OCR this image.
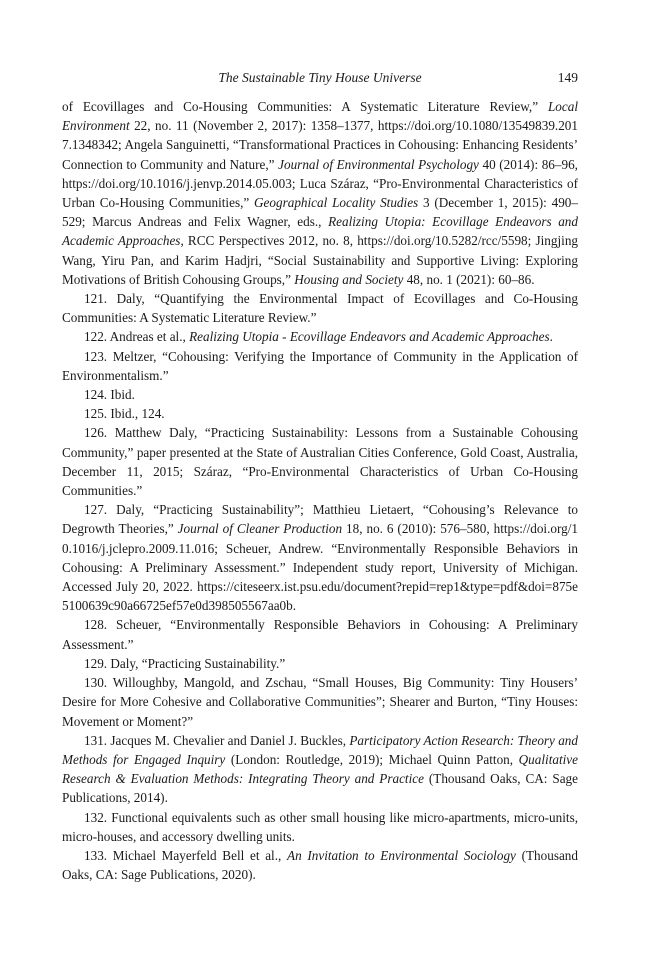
The Sustainable Tiny House Universe	149

of Ecovillages and Co-Housing Communities: A Systematic Literature Review,” Local Environment 22, no. 11 (November 2, 2017): 1358–1377, https://doi.org/10.1080/13549839.2017.1348342; Angela Sanguinetti, “Transformational Practices in Cohousing: Enhancing Residents’ Connection to Community and Nature,” Journal of Environmental Psychology 40 (2014): 86–96, https://doi.org/10.1016/j.jenvp.2014.05.003; Luca Száraz, “Pro-Environmental Characteristics of Urban Co-Housing Communities,” Geographical Locality Studies 3 (December 1, 2015): 490–529; Marcus Andreas and Felix Wagner, eds., Realizing Utopia: Ecovillage Endeavors and Academic Approaches, RCC Perspectives 2012, no. 8, https://doi.org/10.5282/rcc/5598; Jingjing Wang, Yiru Pan, and Karim Hadjri, “Social Sustainability and Supportive Living: Exploring Motivations of British Cohousing Groups,” Housing and Society 48, no. 1 (2021): 60–86.

121. Daly, “Quantifying the Environmental Impact of Ecovillages and Co-Housing Communities: A Systematic Literature Review.”

122. Andreas et al., Realizing Utopia - Ecovillage Endeavors and Academic Approaches.

123. Meltzer, “Cohousing: Verifying the Importance of Community in the Application of Environmentalism.”

124. Ibid.

125. Ibid., 124.

126. Matthew Daly, “Practicing Sustainability: Lessons from a Sustainable Cohousing Community,” paper presented at the State of Australian Cities Conference, Gold Coast, Australia, December 11, 2015; Száraz, “Pro-Environmental Characteristics of Urban Co-Housing Communities.”

127. Daly, “Practicing Sustainability”; Matthieu Lietaert, “Cohousing’s Relevance to Degrowth Theories,” Journal of Cleaner Production 18, no. 6 (2010): 576–580, https://doi.org/10.1016/j.jclepro.2009.11.016; Scheuer, Andrew. “Environmentally Responsible Behaviors in Cohousing: A Preliminary Assessment.” Independent study report, University of Michigan. Accessed July 20, 2022. https://citeseerx.ist.psu.edu/document?repid=rep1&type=pdf&doi=875e5100639c90a66725ef57e0d398505567aa0b.

128. Scheuer, “Environmentally Responsible Behaviors in Cohousing: A Preliminary Assessment.”

129. Daly, “Practicing Sustainability.”

130. Willoughby, Mangold, and Zschau, “Small Houses, Big Community: Tiny Housers’ Desire for More Cohesive and Collaborative Communities”; Shearer and Burton, “Tiny Houses: Movement or Moment?”

131. Jacques M. Chevalier and Daniel J. Buckles, Participatory Action Research: Theory and Methods for Engaged Inquiry (London: Routledge, 2019); Michael Quinn Patton, Qualitative Research & Evaluation Methods: Integrating Theory and Practice (Thousand Oaks, CA: Sage Publications, 2014).

132. Functional equivalents such as other small housing like micro-apartments, micro-units, micro-houses, and accessory dwelling units.

133. Michael Mayerfeld Bell et al., An Invitation to Environmental Sociology (Thousand Oaks, CA: Sage Publications, 2020).
